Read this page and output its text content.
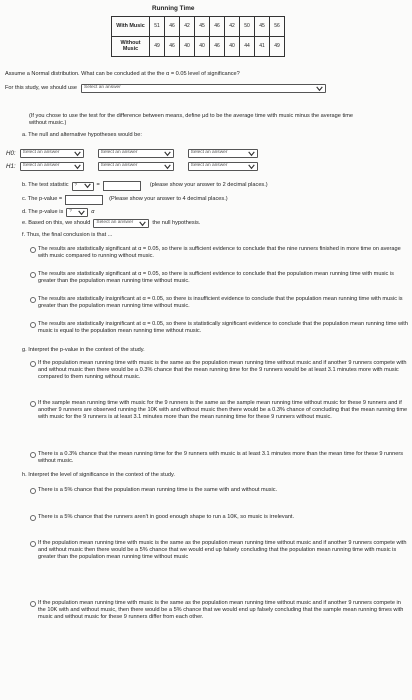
Running Time
With Music	51	46	42	45	46	42	50	45	56
Without Music	49	46	40	40	46	40	44	41	49
Assume a Normal distribution. What can be concluded at the the α = 0.05 level of significance?
For this study, we should use Select an answer
(If you chose to use the test for the difference between means, define μd to be the average time with music minus the average time without music.)
a. The null and alternative hypotheses would be:
H0: Select an answer	Select an answer	Select an answer
H1: Select an answer	Select an answer	Select an answer
b. The test statistic ?	=	(please show your answer to 2 decimal places.)
c. The p-value =	(Please show your answer to 4 decimal places.)
d. The p-value is ?	α
e. Based on this, we should Select an answer	the null hypothesis.
f. Thus, the final conclusion is that ...
The results are statistically significant at α = 0.05, so there is sufficient evidence to conclude that the nine runners finished in more time on average with music compared to running without music.
The results are statistically significant at α = 0.05, so there is sufficient evidence to conclude that the population mean running time with music is greater than the population mean running time without music.
The results are statistically insignificant at α = 0.05, so there is insufficient evidence to conclude that the population mean running time with music is greater than the population mean running time without music.
The results are statistically insignificant at α = 0.05, so there is statistically significant evidence to conclude that the population mean running time with music is equal to the population mean running time without music.
g. Interpret the p-value in the context of the study.
If the population mean running time with music is the same as the population mean running time without music and if another 9 runners compete with and without music then there would be a 0.3% chance that the mean running time for the 9 runners would be at least 3.1 minutes more with music compared to them running without music.
If the sample mean running time with music for the 9 runners is the same as the sample mean running time without music for these 9 runners and if another 9 runners are observed running the 10K with and without music then there would be a 0.3% chance of concluding that the mean running time with music for the 9 runners is at least 3.1 minutes more than the mean running time for these 9 runners without music.
There is a 0.3% chance that the mean running time for the 9 runners with music is at least 3.1 minutes more than the mean time for these 9 runners without music.
h. Interpret the level of significance in the context of the study.
There is a 5% chance that the population mean running time is the same with and without music.
There is a 5% chance that the runners aren't in good enough shape to run a 10K, so music is irrelevant.
If the population mean running time with music is the same as the population mean running time without music and if another 9 runners compete with and without music then there would be a 5% chance that we would end up falsely concluding that the population mean running time with music is greater than the population mean running time without music
If the population mean running time with music is the same as the population mean running time without music and if another 9 runners compete in the 10K with and without music, then there would be a 5% chance that we would end up falsely concluding that the sample mean running times with music and without music for these 9 runners differ from each other.
